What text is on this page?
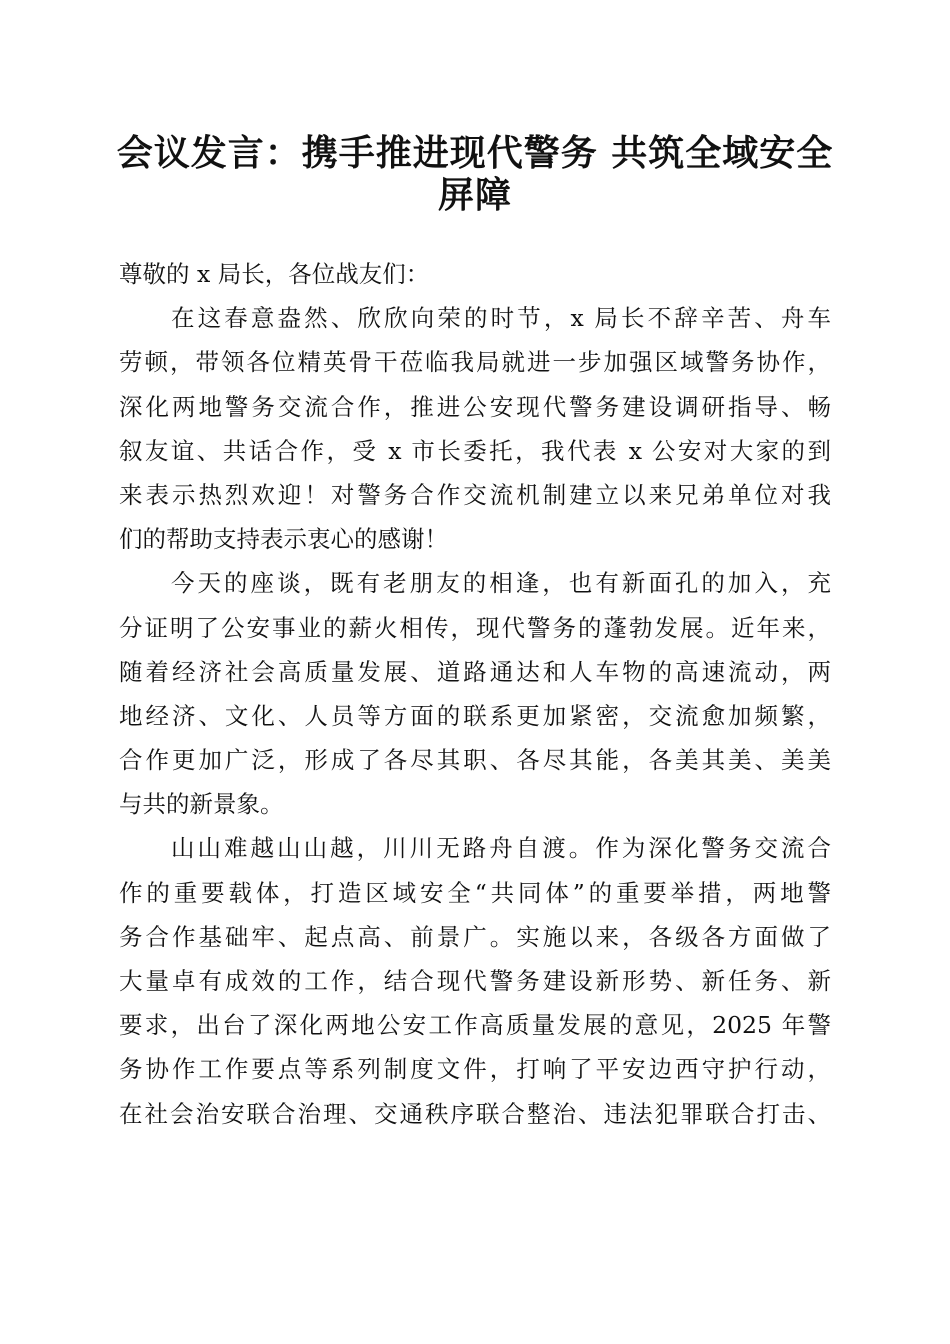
会议发言：携手推进现代警务 共筑全域安全
屏障
尊敬的 x 局长，各位战友们：
在这春意盎然、欣欣向荣的时节，x 局长不辞辛苦、舟车
劳顿，带领各位精英骨干莅临我局就进一步加强区域警务协作，
深化两地警务交流合作，推进公安现代警务建设调研指导、畅
叙友谊、共话合作，受 x 市长委托，我代表 x 公安对大家的到
来表示热烈欢迎！对警务合作交流机制建立以来兄弟单位对我
们的帮助支持表示衷心的感谢！
今天的座谈，既有老朋友的相逢，也有新面孔的加入，充
分证明了公安事业的薪火相传，现代警务的蓬勃发展。近年来，
随着经济社会高质量发展、道路通达和人车物的高速流动，两
地经济、文化、人员等方面的联系更加紧密，交流愈加频繁，
合作更加广泛，形成了各尽其职、各尽其能，各美其美、美美
与共的新景象。
山山难越山山越，川川无路舟自渡。作为深化警务交流合
作的重要载体，打造区域安全“共同体”的重要举措，两地警
务合作基础牢、起点高、前景广。实施以来，各级各方面做了
大量卓有成效的工作，结合现代警务建设新形势、新任务、新
要求，出台了深化两地公安工作高质量发展的意见，2025 年警
务协作工作要点等系列制度文件，打响了平安边西守护行动，
在社会治安联合治理、交通秩序联合整治、违法犯罪联合打击、
